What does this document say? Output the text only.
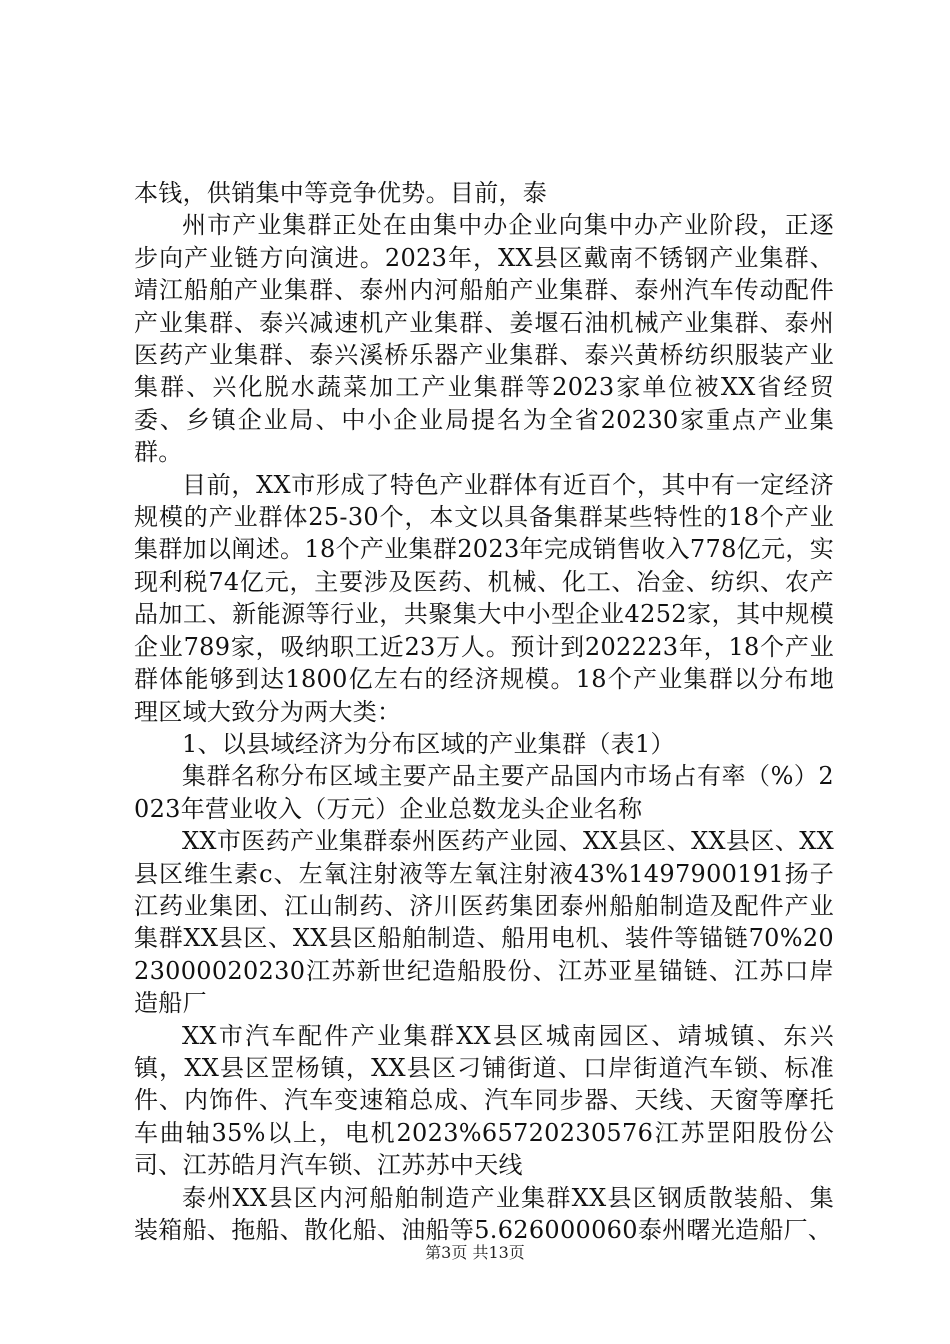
本钱，供销集中等竞争优势。目前，泰

州市产业集群正处在由集中办企业向集中办产业阶段，正逐步向产业链方向演进。2023年，XX县区戴南不锈钢产业集群、靖江船舶产业集群、泰州内河船舶产业集群、泰州汽车传动配件产业集群、泰兴减速机产业集群、姜堰石油机械产业集群、泰州医药产业集群、泰兴溪桥乐器产业集群、泰兴黄桥纺织服装产业集群、兴化脱水蔬菜加工产业集群等2023家单位被XX省经贸委、乡镇企业局、中小企业局提名为全省20230家重点产业集群。

目前，XX市形成了特色产业群体有近百个，其中有一定经济规模的产业群体25-30个，本文以具备集群某些特性的18个产业集群加以阐述。18个产业集群2023年完成销售收入778亿元，实现利税74亿元，主要涉及医药、机械、化工、冶金、纺织、农产品加工、新能源等行业，共聚集大中小型企业4252家，其中规模企业789家，吸纳职工近23万人。预计到202223年，18个产业群体能够到达1800亿左右的经济规模。18个产业集群以分布地理区域大致分为两大类：

1、以县域经济为分布区域的产业集群（表1）

集群名称分布区域主要产品主要产品国内市场占有率（%）2023年营业收入（万元）企业总数龙头企业名称

XX市医药产业集群泰州医药产业园、XX县区、XX县区、XX县区维生素c、左氧注射液等左氧注射液43%1497900191扬子江药业集团、江山制药、济川医药集团泰州船舶制造及配件产业集群XX县区、XX县区船舶制造、船用电机、装件等锚链70%2023000020230江苏新世纪造船股份、江苏亚星锚链、江苏口岸造船厂

XX市汽车配件产业集群XX县区城南园区、靖城镇、东兴镇，XX县区罡杨镇，XX县区刁铺街道、口岸街道汽车锁、标准件、内饰件、汽车变速箱总成、汽车同步器、天线、天窗等摩托车曲轴35%以上，电机2023%65720230576江苏罡阳股份公司、江苏皓月汽车锁、江苏苏中天线

泰州XX县区内河船舶制造产业集群XX县区钢质散装船、集装箱船、拖船、散化船、油船等5.626000060泰州曙光造船厂、

第3页 共13页
